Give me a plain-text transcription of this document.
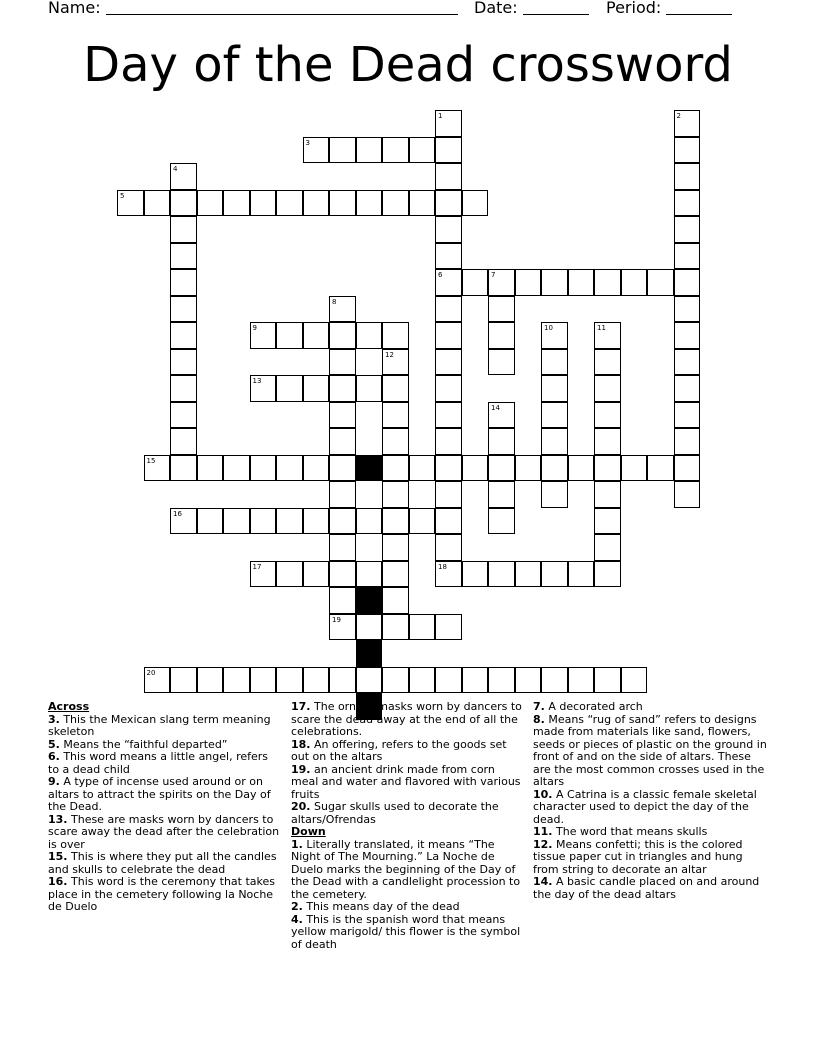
Name:	Date:	Period:
Day of the Dead crossword
3
5
6	7
9
13
15
16
17	18
19
20
1	2
4
8
10	11
12
14
Across
3. This the Mexican slang term meaning skeleton
5. Means the “faithful departed”
6. This word means a little angel, refers to a dead child
9. A type of incense used around or on altars to attract the spirits on the Day of the Dead.
13. These are masks worn by dancers to scare away the dead after the celebration is over
15. This is where they put all the candles and skulls to celebrate the dead
16. This word is the ceremony that takes place in the cemetery following la Noche de Duelo
17. The ornate masks worn by dancers to scare the dead away at the end of all the celebrations.
18. An offering, refers to the goods set out on the altars
19. an ancient drink made from corn meal and water and flavored with various fruits
20. Sugar skulls used to decorate the altars/Ofrendas
Down
1. Literally translated, it means “The Night of The Mourning.” La Noche de Duelo marks the beginning of the Day of the Dead with a candlelight procession to the cemetery.
2. This means day of the dead
4. This is the spanish word that means yellow marigold/ this flower is the symbol of death
7. A decorated arch
8. Means “rug of sand” refers to designs made from materials like sand, flowers, seeds or pieces of plastic on the ground in front of and on the side of altars. These are the most common crosses used in the altars
10. A Catrina is a classic female skeletal character used to depict the day of the dead.
11. The word that means skulls
12. Means confetti; this is the colored tissue paper cut in triangles and hung from string to decorate an altar
14. A basic candle placed on and around the day of the dead altars
